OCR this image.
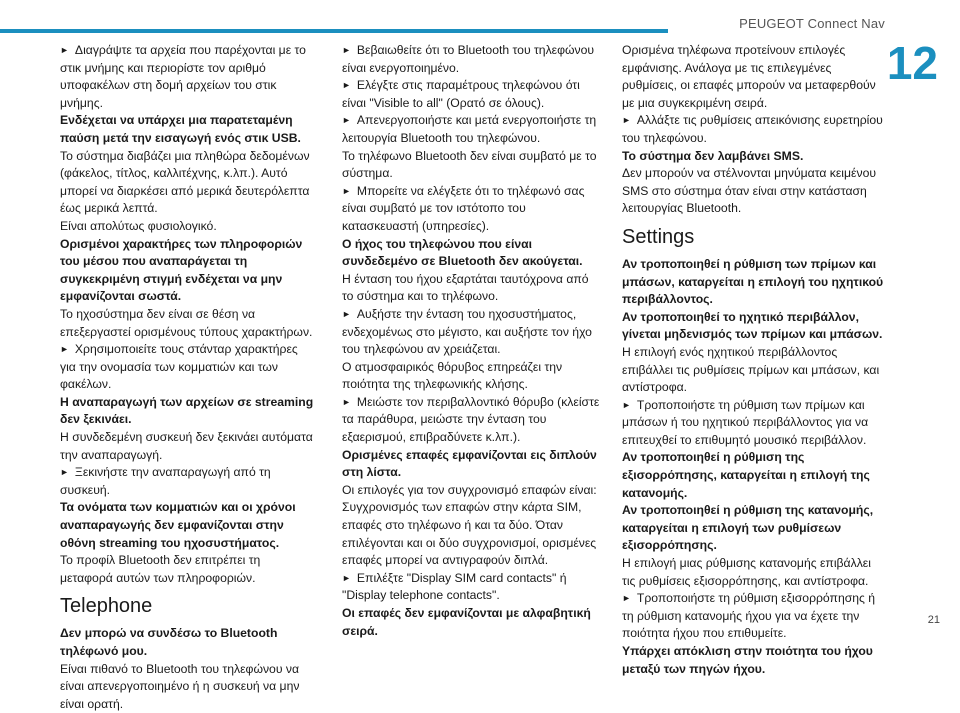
PEUGEOT Connect Nav
12
21
► Διαγράψτε τα αρχεία που παρέχονται με το στικ μνήμης και περιορίστε τον αριθμό υποφακέλων στη δομή αρχείων του στικ μνήμης.
Ενδέχεται να υπάρχει μια παρατεταμένη παύση μετά την εισαγωγή ενός στικ USB.
Το σύστημα διαβάζει μια πληθώρα δεδομένων (φάκελος, τίτλος, καλλιτέχνης, κ.λπ.). Αυτό μπορεί να διαρκέσει από μερικά δευτερόλεπτα έως μερικά λεπτά.
Είναι απολύτως φυσιολογικό.
Ορισμένοι χαρακτήρες των πληροφοριών του μέσου που αναπαράγεται τη συγκεκριμένη στιγμή ενδέχεται να μην εμφανίζονται σωστά.
Το ηχοσύστημα δεν είναι σε θέση να επεξεργαστεί ορισμένους τύπους χαρακτήρων.
► Χρησιμοποιείτε τους στάνταρ χαρακτήρες για την ονομασία των κομματιών και των φακέλων.
Η αναπαραγωγή των αρχείων σε streaming δεν ξεκινάει.
Η συνδεδεμένη συσκευή δεν ξεκινάει αυτόματα την αναπαραγωγή.
► Ξεκινήστε την αναπαραγωγή από τη συσκευή.
Τα ονόματα των κομματιών και οι χρόνοι αναπαραγωγής δεν εμφανίζονται στην οθόνη streaming του ηχοσυστήματος.
Το προφίλ Bluetooth δεν επιτρέπει τη μεταφορά αυτών των πληροφοριών.
Telephone
Δεν μπορώ να συνδέσω το Bluetooth τηλέφωνό μου.
Είναι πιθανό το Bluetooth του τηλεφώνου να είναι απενεργοποιημένο ή η συσκευή να μην είναι ορατή.
► Βεβαιωθείτε ότι το Bluetooth του τηλεφώνου είναι ενεργοποιημένο.
► Ελέγξτε στις παραμέτρους τηλεφώνου ότι είναι "Visible to all" (Ορατό σε όλους).
► Απενεργοποιήστε και μετά ενεργοποιήστε τη λειτουργία Bluetooth του τηλεφώνου.
Το τηλέφωνο Bluetooth δεν είναι συμβατό με το σύστημα.
► Μπορείτε να ελέγξετε ότι το τηλέφωνό σας είναι συμβατό με τον ιστότοπο του κατασκευαστή (υπηρεσίες).
Ο ήχος του τηλεφώνου που είναι συνδεδεμένο σε Bluetooth δεν ακούγεται.
Η ένταση του ήχου εξαρτάται ταυτόχρονα από το σύστημα και το τηλέφωνο.
► Αυξήστε την ένταση του ηχοσυστήματος, ενδεχομένως στο μέγιστο, και αυξήστε τον ήχο του τηλεφώνου αν χρειάζεται.
Ο ατμοσφαιρικός θόρυβος επηρεάζει την ποιότητα της τηλεφωνικής κλήσης.
► Μειώστε τον περιβαλλοντικό θόρυβο (κλείστε τα παράθυρα, μειώστε την ένταση του εξαερισμού, επιβραδύνετε κ.λπ.).
Ορισμένες επαφές εμφανίζονται εις διπλούν στη λίστα.
Οι επιλογές για τον συγχρονισμό επαφών είναι: Συγχρονισμός των επαφών στην κάρτα SIM, επαφές στο τηλέφωνο ή και τα δύο. Όταν επιλέγονται και οι δύο συγχρονισμοί, ορισμένες επαφές μπορεί να αντιγραφούν διπλά.
► Επιλέξτε "Display SIM card contacts" ή "Display telephone contacts".
Οι επαφές δεν εμφανίζονται με αλφαβητική σειρά.
Ορισμένα τηλέφωνα προτείνουν επιλογές εμφάνισης. Ανάλογα με τις επιλεγμένες ρυθμίσεις, οι επαφές μπορούν να μεταφερθούν με μια συγκεκριμένη σειρά.
► Αλλάξτε τις ρυθμίσεις απεικόνισης ευρετηρίου του τηλεφώνου.
Το σύστημα δεν λαμβάνει SMS.
Δεν μπορούν να στέλνονται μηνύματα κειμένου SMS στο σύστημα όταν είναι στην κατάσταση λειτουργίας Bluetooth.
Settings
Αν τροποποιηθεί η ρύθμιση των πρίμων και μπάσων, καταργείται η επιλογή του ηχητικού περιβάλλοντος.
Αν τροποποιηθεί το ηχητικό περιβάλλον, γίνεται μηδενισμός των πρίμων και μπάσων.
Η επιλογή ενός ηχητικού περιβάλλοντος επιβάλλει τις ρυθμίσεις πρίμων και μπάσων, και αντίστροφα.
► Τροποποιήστε τη ρύθμιση των πρίμων και μπάσων ή του ηχητικού περιβάλλοντος για να επιτευχθεί το επιθυμητό μουσικό περιβάλλον.
Αν τροποποιηθεί η ρύθμιση της εξισορρόπησης, καταργείται η επιλογή της κατανομής.
Αν τροποποιηθεί η ρύθμιση της κατανομής, καταργείται η επιλογή των ρυθμίσεων εξισορρόπησης.
Η επιλογή μιας ρύθμισης κατανομής επιβάλλει τις ρυθμίσεις εξισορρόπησης, και αντίστροφα.
► Τροποποιήστε τη ρύθμιση εξισορρόπησης ή τη ρύθμιση κατανομής ήχου για να έχετε την ποιότητα ήχου που επιθυμείτε.
Υπάρχει απόκλιση στην ποιότητα του ήχου μεταξύ των πηγών ήχου.
